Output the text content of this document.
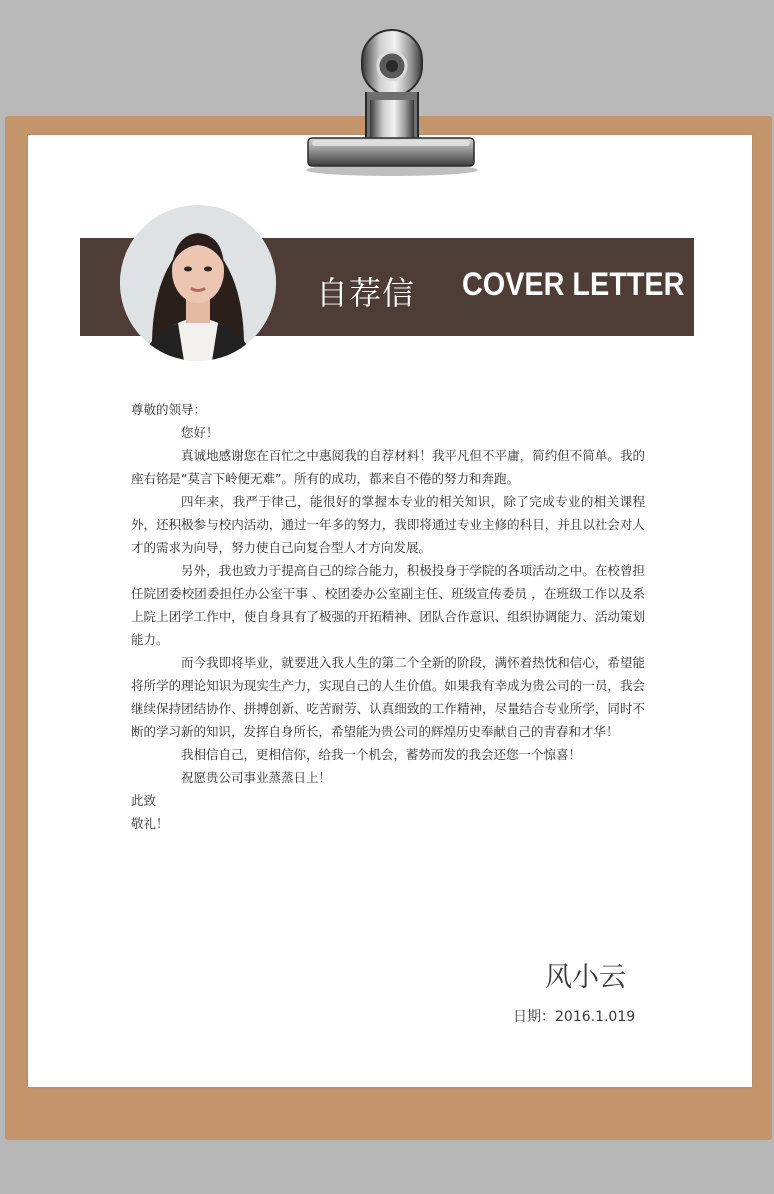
自荐信 COVER LETTER

尊敬的领导：

您好！

真诚地感谢您在百忙之中惠阅我的自荐材料！我平凡但不平庸，简约但不简单。我的座右铭是“莫言下岭便无难”。所有的成功，都来自不倦的努力和奔跑。

四年来，我严于律己，能很好的掌握本专业的相关知识，除了完成专业的相关课程外，还积极参与校内活动，通过一年多的努力，我即将通过专业主修的科目，并且以社会对人才的需求为向导，努力使自己向复合型人才方向发展。

另外，我也致力于提高自己的综合能力，积极投身于学院的各项活动之中。在校曾担任院团委校团委担任办公室干事 、校团委办公室副主任、班级宣传委员 ，在班级工作以及系上院上团学工作中，使自身具有了极强的开拓精神、团队合作意识、组织协调能力、活动策划能力。

而今我即将毕业，就要进入我人生的第二个全新的阶段，满怀着热忱和信心，希望能将所学的理论知识为现实生产力，实现自己的人生价值。如果我有幸成为贵公司的一员，我会继续保持团结协作、拼搏创新、吃苦耐劳、认真细致的工作精神，尽量结合专业所学，同时不断的学习新的知识，发挥自身所长，希望能为贵公司的辉煌历史奉献自己的青春和才华！

我相信自己，更相信你，给我一个机会，蓄势而发的我会还您一个惊喜！

祝愿贵公司事业蒸蒸日上！

此致

敬礼！

风小云
日期：2016.1.019
